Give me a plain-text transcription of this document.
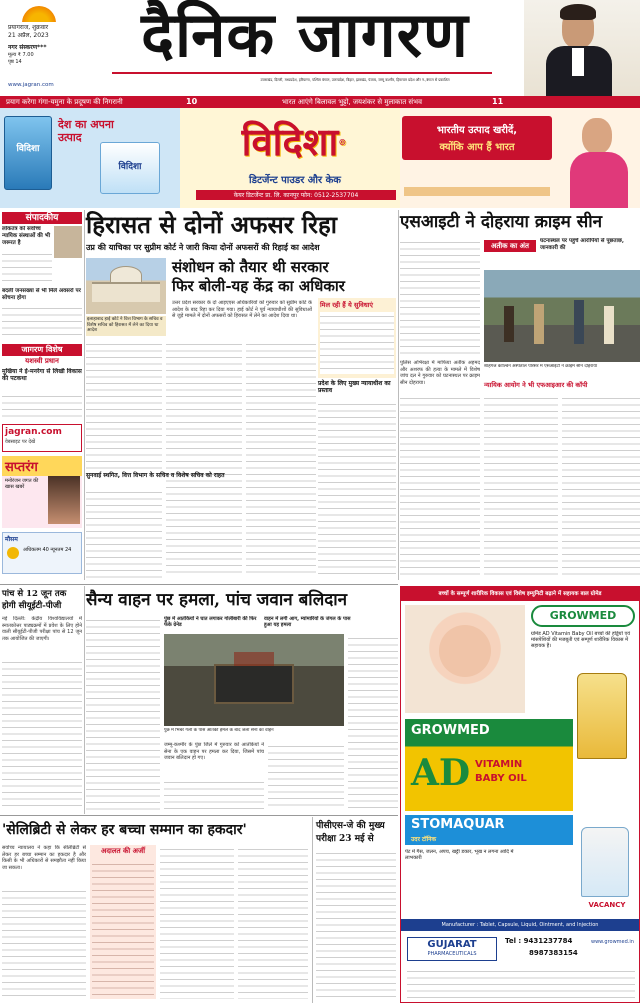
प्रयागराज, शुक्रवार
21 अप्रैल, 2023
नगर संस्करण***
मूल्य ₹ 7.00
पृष्ठ 14
www.jagran.com
दैनिक जागरण
उत्तराखंड, दिल्ली, मध्यप्रदेश, हरियाणा, पश्चिम बंगाल, उत्तरप्रदेश, बिहार, झारखंड, पंजाब, जम्मू कश्मीर, हिमाचल प्रदेश और न.,बंगाल से प्रकाशित
प्रयाग करेगा गंगा-यमुना के प्रदूषण की निगरानी	10	भारत आएंगे बिलावल भुट्टो, जयशंकर से मुलाकात संभव	11
विदिशा
विदिशा
देश का अपना उत्पाद	विदिशा®
डिटर्जेन्ट पाउडर और केक
केयर डिटर्जेन्ट प्रा. लि. कानपुर फोन: 0512-2537704
भारतीय उत्पाद खरीदें,
क्योंकि आप हैं भारत
संपादकीय
लोकतंत्र को सर्वोच्च न्यायिक संस्थाओं की भी जरूरत है
बदली जनसंख्या से भी मिले अवसरों पर सोचना होगा
जागरण विशेष
यशस्वी प्रधान
मुखिया ने ई-मनरेगा से लिखी विकास की पटकथा
jagran.com
वेबसाइट पर देखें
सप्तरंग
मनोरंजन जगत की खास खबरें
मौसम
अधिकतम 40 न्यूनतम 24
हिरासत से दोनों अफसर रिहा
उप्र की याचिका पर सुप्रीम कोर्ट ने जारी किया दोनों अफसरों की रिहाई का आदेश
इलाहाबाद हाई कोर्ट ने वित्त विभाग के सचिव व विशेष सचिव को हिरासत में लेने का दिया था आदेश
संशोधन को तैयार थी सरकार
फिर बोली-यह केंद्र का अधिकार
उत्तर प्रदेश सरकार के दो आइएएस अधिकारियों को गुरुवार को सुप्रीम कोर्ट के आदेश के बाद रिहा कर दिया गया। हाई कोर्ट ने पूर्व न्यायाधीशों की सुविधाओं से जुड़े मामले में दोनों अफसरों को हिरासत में लेने का आदेश दिया था।
मिल रही हैं ये सुविधाएं
प्रदेश के लिए मुख्य न्यायाधीश का प्रस्ताव
सुनवाई स्थगित, वित्त विभाग के सचिव व विशेष सचिव को राहत
एसआइटी ने दोहराया क्राइम सीन
अतीक का अंत
घटनास्थल पर पहुंचे आरोपियों से पूछताछ, जानकारी की
शाहगंज कॉल्विन अस्पताल परिसर में एसआइटी ने क्राइम सीन दोहराया
न्यायिक आयोग ने भी एफआइआर की कॉपी
पुलिस अभिरक्षा में माफिया अतीक अहमद और अशरफ की हत्या के मामले में विशेष जांच दल ने गुरुवार को घटनास्थल पर क्राइम सीन दोहराया।
पांच से 12 जून तक होगी सीयूईटी-पीजी
नई दिल्ली: केंद्रीय विश्वविद्यालयों में स्नातकोत्तर पाठ्यक्रमों में प्रवेश के लिए होने वाली सीयूईटी-पीजी परीक्षा पांच से 12 जून तक आयोजित की जाएगी।
सैन्य वाहन पर हमला, पांच जवान बलिदान
पुंछ में आतंकियों ने घात लगाकर गोलीबारी की फिर फेंके ग्रेनेड
वाहन में लगी आग, म्यांमारियों के जंगल के पास हुआ यह हमला
पुंछ में भिंबर गली के पास आतंकी हमले के बाद जला सेना का वाहन
जम्मू-कश्मीर के पुंछ जिले में गुरुवार को आतंकियों ने सेना के एक वाहन पर हमला कर दिया, जिसमें पांच जवान बलिदान हो गए।
'सेलिब्रिटी से लेकर हर बच्चा सम्मान का हकदार'
सर्वोच्च न्यायालय ने कहा कि सेलिब्रिटी से लेकर हर बच्चा सम्मान का हकदार है और किसी के भी अधिकारों से समझौता नहीं किया जा सकता।
अदालत की अर्जी
पीसीएस-जे की मुख्य
परीक्षा 23 मई से
बच्चों के सम्पूर्ण शारीरिक विकास एवं विशेष इम्युनिटी बढ़ाने में सहायक बाल ग्रोमेड
GROWMED
ग्रोमेड AD Vitamin Baby Oil बच्चों की हड्डियों एवं मांसपेशियों की मजबूती एवं सम्पूर्ण शारीरिक विकास में सहायक है।
GROWMED
AD VITAMIN
BABY OIL
STOMAQUAR
उदर टॉनिक
पेट में गैस, जलन, अपच, खट्टी डकार, भूख न लगना आदि में लाभकारी
VACANCY
Manufacturer : Tablet, Capsule, Liquid, Ointment, and Injection
GUJARAT
PHARMACEUTICALS
Tel : 9431237784
8987383154
www.growmed.in
